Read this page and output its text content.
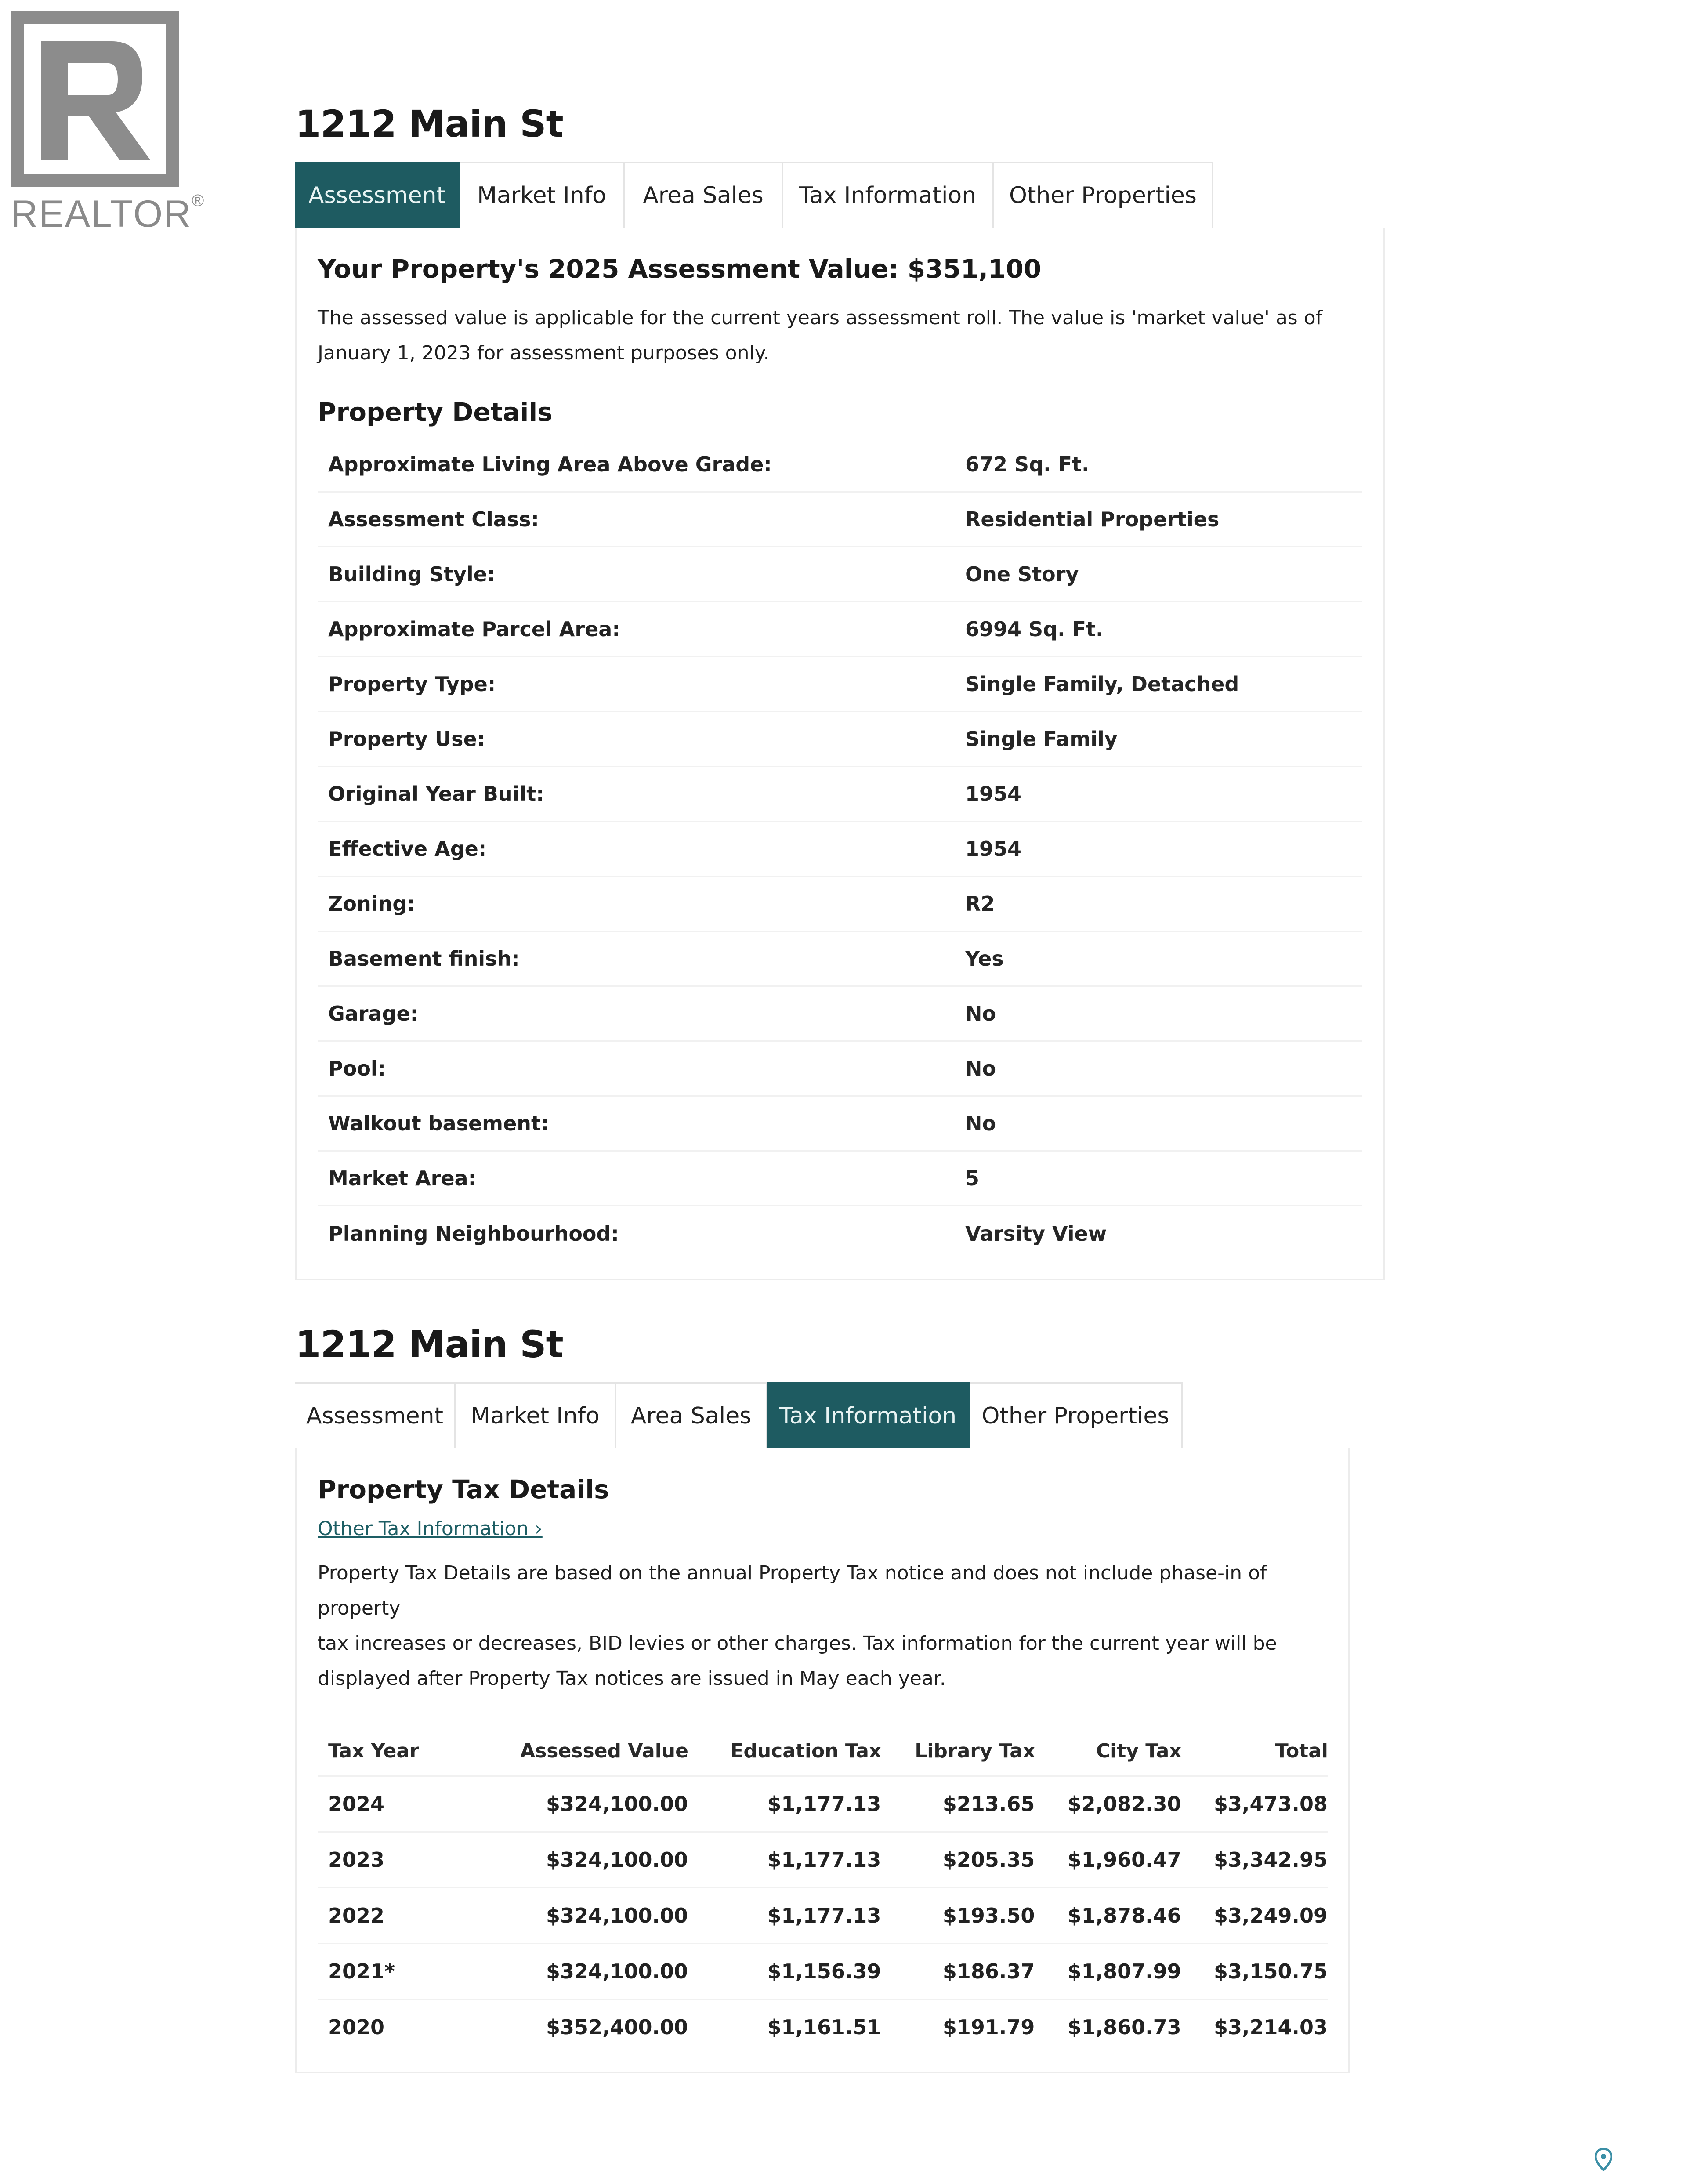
REALTOR®
1212 Main St
Assessment	Market Info	Area Sales	Tax Information	Other Properties
Your Property's 2025 Assessment Value: $351,100

The assessed value is applicable for the current years assessment roll. The value is 'market value' as of
January 1, 2023 for assessment purposes only.

Property Details
Approximate Living Area Above Grade:	672 Sq. Ft.
Assessment Class:	Residential Properties
Building Style:	One Story
Approximate Parcel Area:	6994 Sq. Ft.
Property Type:	Single Family, Detached
Property Use:	Single Family
Original Year Built:	1954
Effective Age:	1954
Zoning:	R2
Basement finish:	Yes
Garage:	No
Pool:	No
Walkout basement:	No
Market Area:	5
Planning Neighbourhood:	Varsity View
1212 Main St
Assessment	Market Info	Area Sales	Tax Information	Other Properties
Property Tax Details
Other Tax Information ›

Property Tax Details are based on the annual Property Tax notice and does not include phase-in of property
tax increases or decreases, BID levies or other charges. Tax information for the current year will be
displayed after Property Tax notices are issued in May each year.

Tax Year	Assessed Value	Education Tax	Library Tax	City Tax	Total
2024	$324,100.00	$1,177.13	$213.65	$2,082.30	$3,473.08
2023	$324,100.00	$1,177.13	$205.35	$1,960.47	$3,342.95
2022	$324,100.00	$1,177.13	$193.50	$1,878.46	$3,249.09
2021*	$324,100.00	$1,156.39	$186.37	$1,807.99	$3,150.75
2020	$352,400.00	$1,161.51	$191.79	$1,860.73	$3,214.03
